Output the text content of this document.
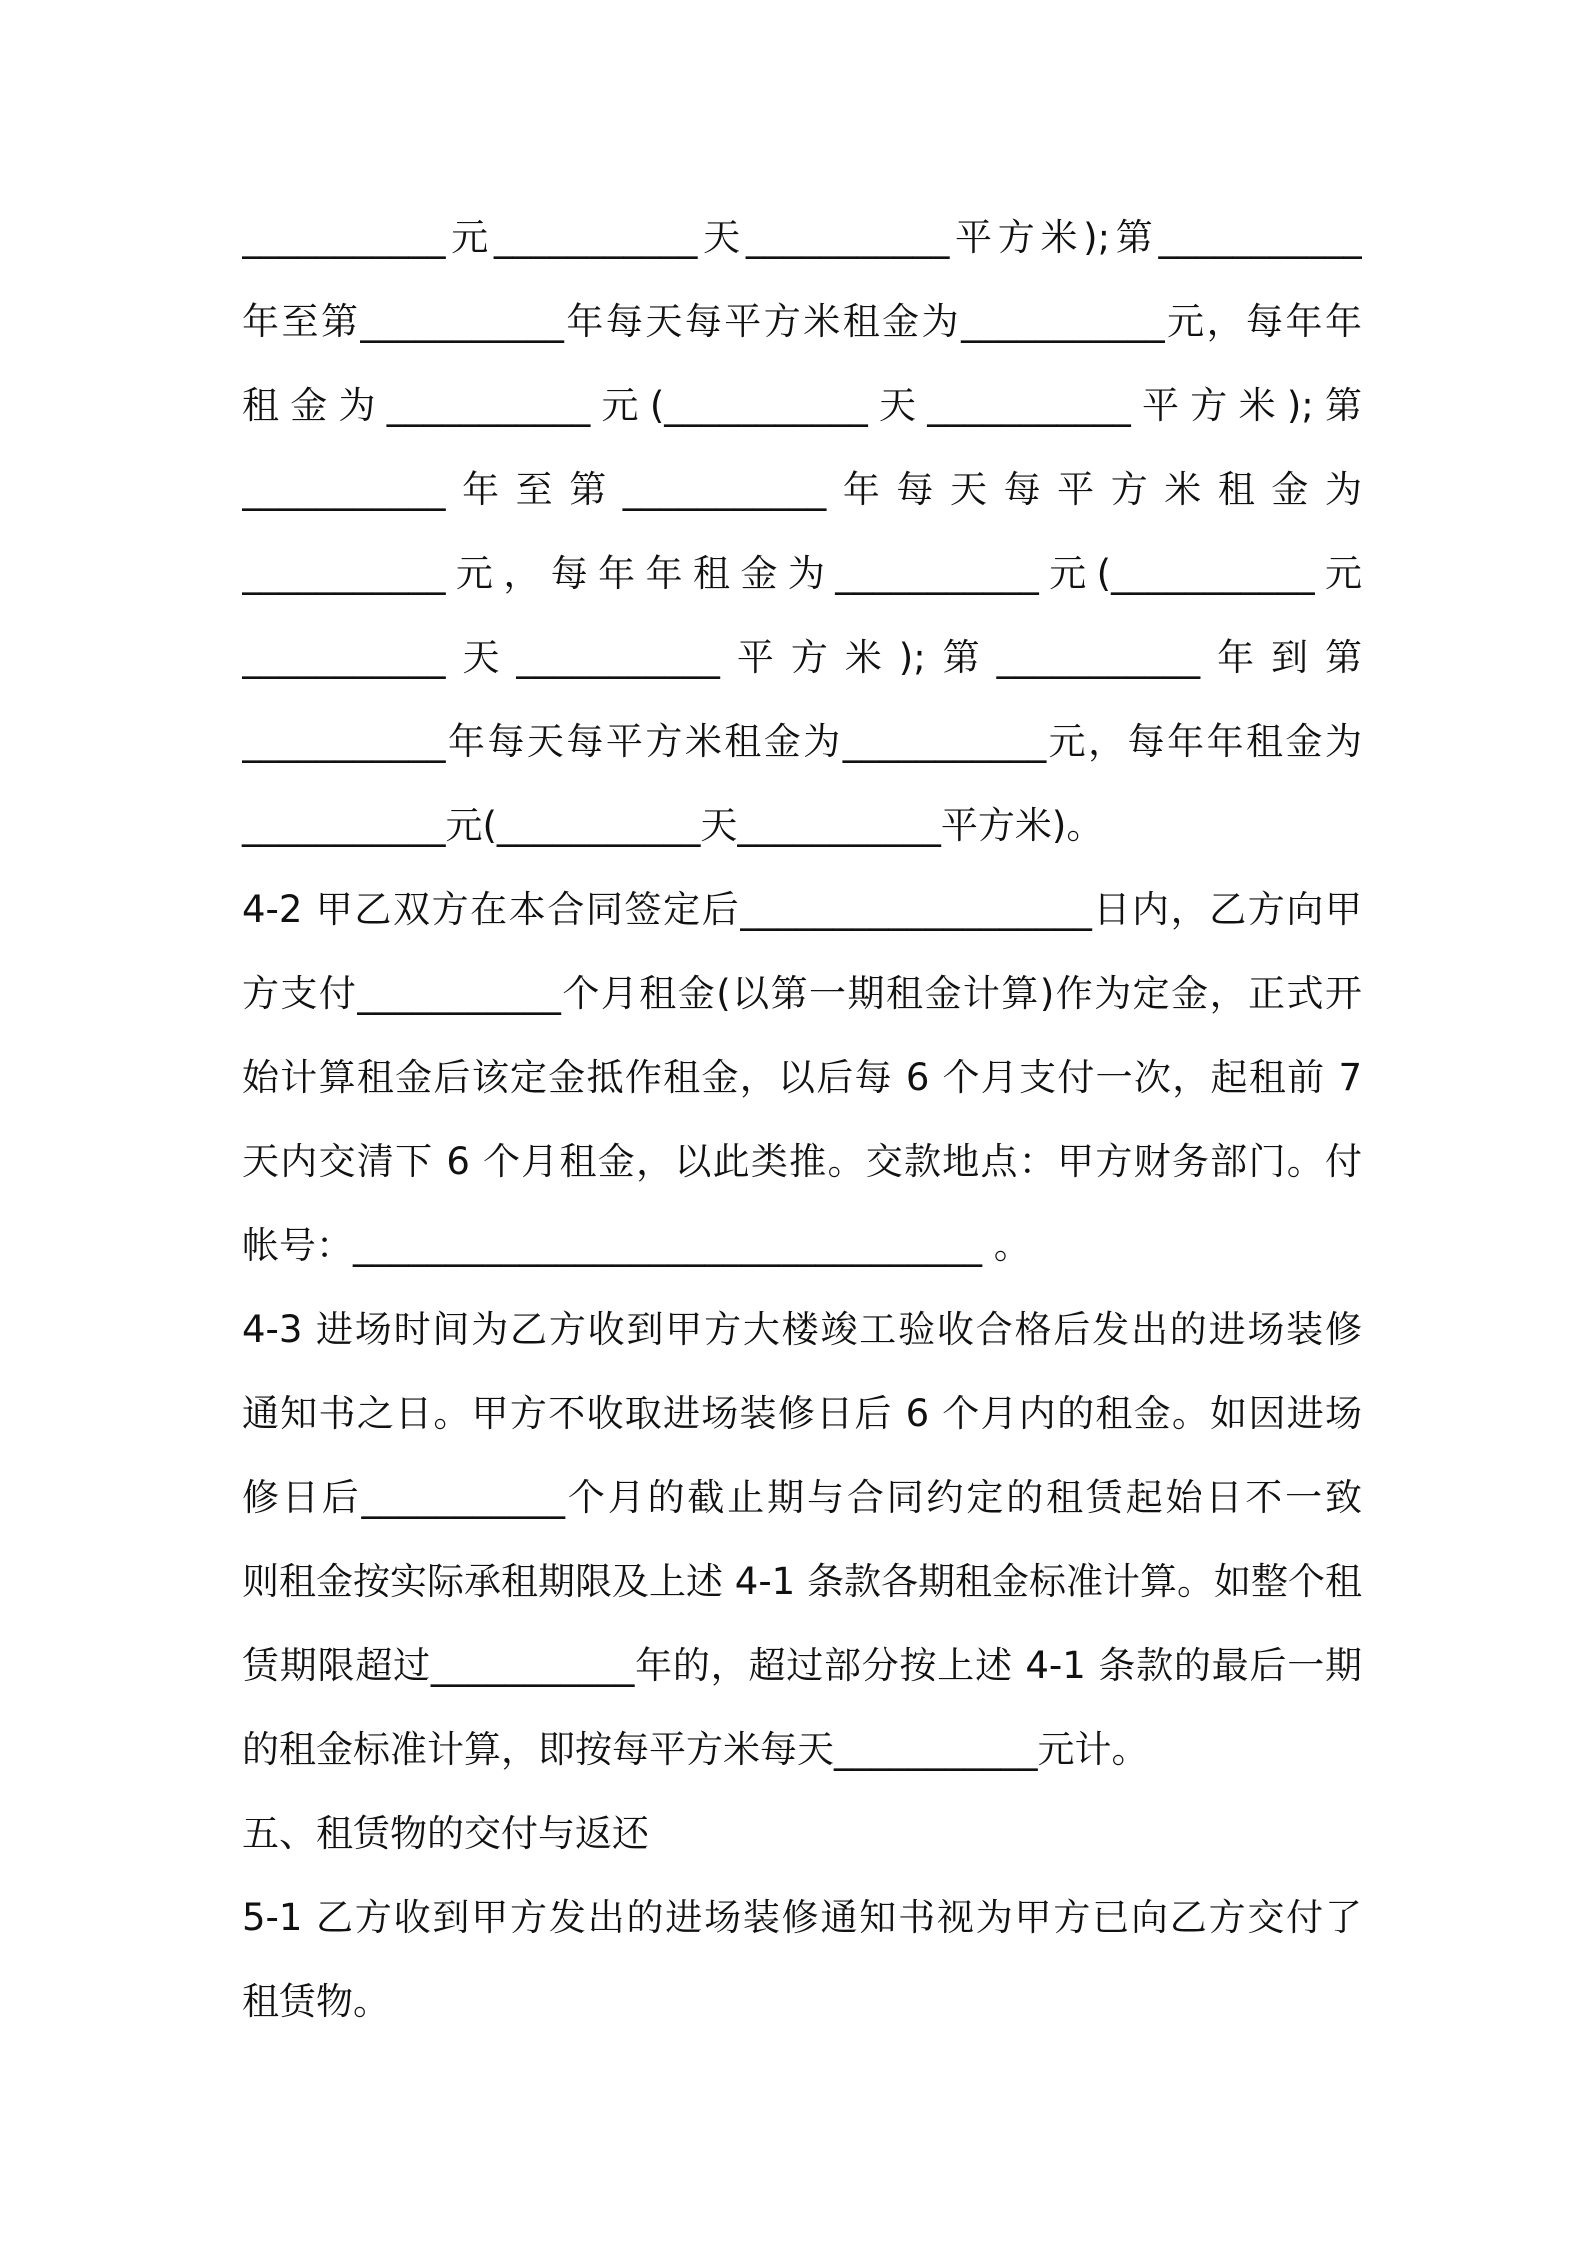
___________元___________天___________平方米);第___________
年至第___________年每天每平方米租金为___________元，每年年
租金为___________元(___________天___________平方米);第
___________年至第___________年每天每平方米租金为
___________元，每年年租金为___________元(___________元
___________天___________平方米);第___________年到第
___________年每天每平方米租金为___________元，每年年租金为
___________元(___________天___________平方米)。
4-2 甲乙双方在本合同签定后___________________日内，乙方向甲
方支付___________个月租金(以第一期租金计算)作为定金，正式开
始计算租金后该定金抵作租金，以后每 6 个月支付一次，起租前 7
天内交清下 6 个月租金，以此类推。交款地点：甲方财务部门。付
帐号：__________________________________ 。
4-3 进场时间为乙方收到甲方大楼竣工验收合格后发出的进场装修
通知书之日。甲方不收取进场装修日后 6 个月内的租金。如因进场
修日后___________个月的截止期与合同约定的租赁起始日不一致
则租金按实际承租期限及上述 4-1 条款各期租金标准计算。如整个租
赁期限超过___________年的，超过部分按上述 4-1 条款的最后一期
的租金标准计算，即按每平方米每天___________元计。
五、租赁物的交付与返还
5-1 乙方收到甲方发出的进场装修通知书视为甲方已向乙方交付了
租赁物。
